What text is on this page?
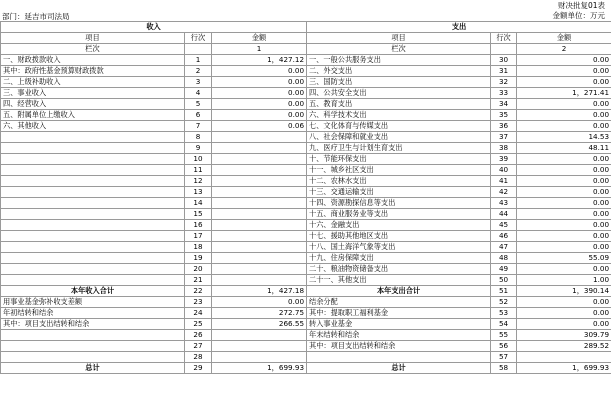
财决批复01表
金额单位：万元
部门：延吉市司法局
收入			支出		
项目	行次	金额	项目	行次	金额
栏次		1	栏次		2
一、财政拨款收入	1	1，427.12	一、一般公共服务支出	30	0.00
其中：政府性基金预算财政拨款	2	0.00	二、外交支出	31	0.00
二、上级补助收入	3	0.00	三、国防支出	32	0.00
三、事业收入	4	0.00	四、公共安全支出	33	1，271.41
四、经营收入	5	0.00	五、教育支出	34	0.00
五、附属单位上缴收入	6	0.00	六、科学技术支出	35	0.00
六、其他收入	7	0.06	七、文化体育与传媒支出	36	0.00
	8		八、社会保障和就业支出	37	14.53
	9		九、医疗卫生与计划生育支出	38	48.11
	10		十、节能环保支出	39	0.00
	11		十一、城乡社区支出	40	0.00
	12		十二、农林水支出	41	0.00
	13		十三、交通运输支出	42	0.00
	14		十四、资源勘探信息等支出	43	0.00
	15		十五、商业服务业等支出	44	0.00
	16		十六、金融支出	45	0.00
	17		十七、援助其他地区支出	46	0.00
	18		十八、国土海洋气象等支出	47	0.00
	19		十九、住房保障支出	48	55.09
	20		二十、粮油物资储备支出	49	0.00
	21		二十一、其他支出	50	1.00
本年收入合计	22	1，427.18	本年支出合计	51	1，390.14
用事业基金弥补收支差额	23	0.00	结余分配	52	0.00
年初结转和结余	24	272.75	其中：提取职工福利基金	53	0.00
其中：项目支出结转和结余	25	266.55	转入事业基金	54	0.00
	26		年末结转和结余	55	309.79
	27		其中：项目支出结转和结余	56	289.52
	28			57	
总计	29	1，699.93	总计	58	1，699.93
